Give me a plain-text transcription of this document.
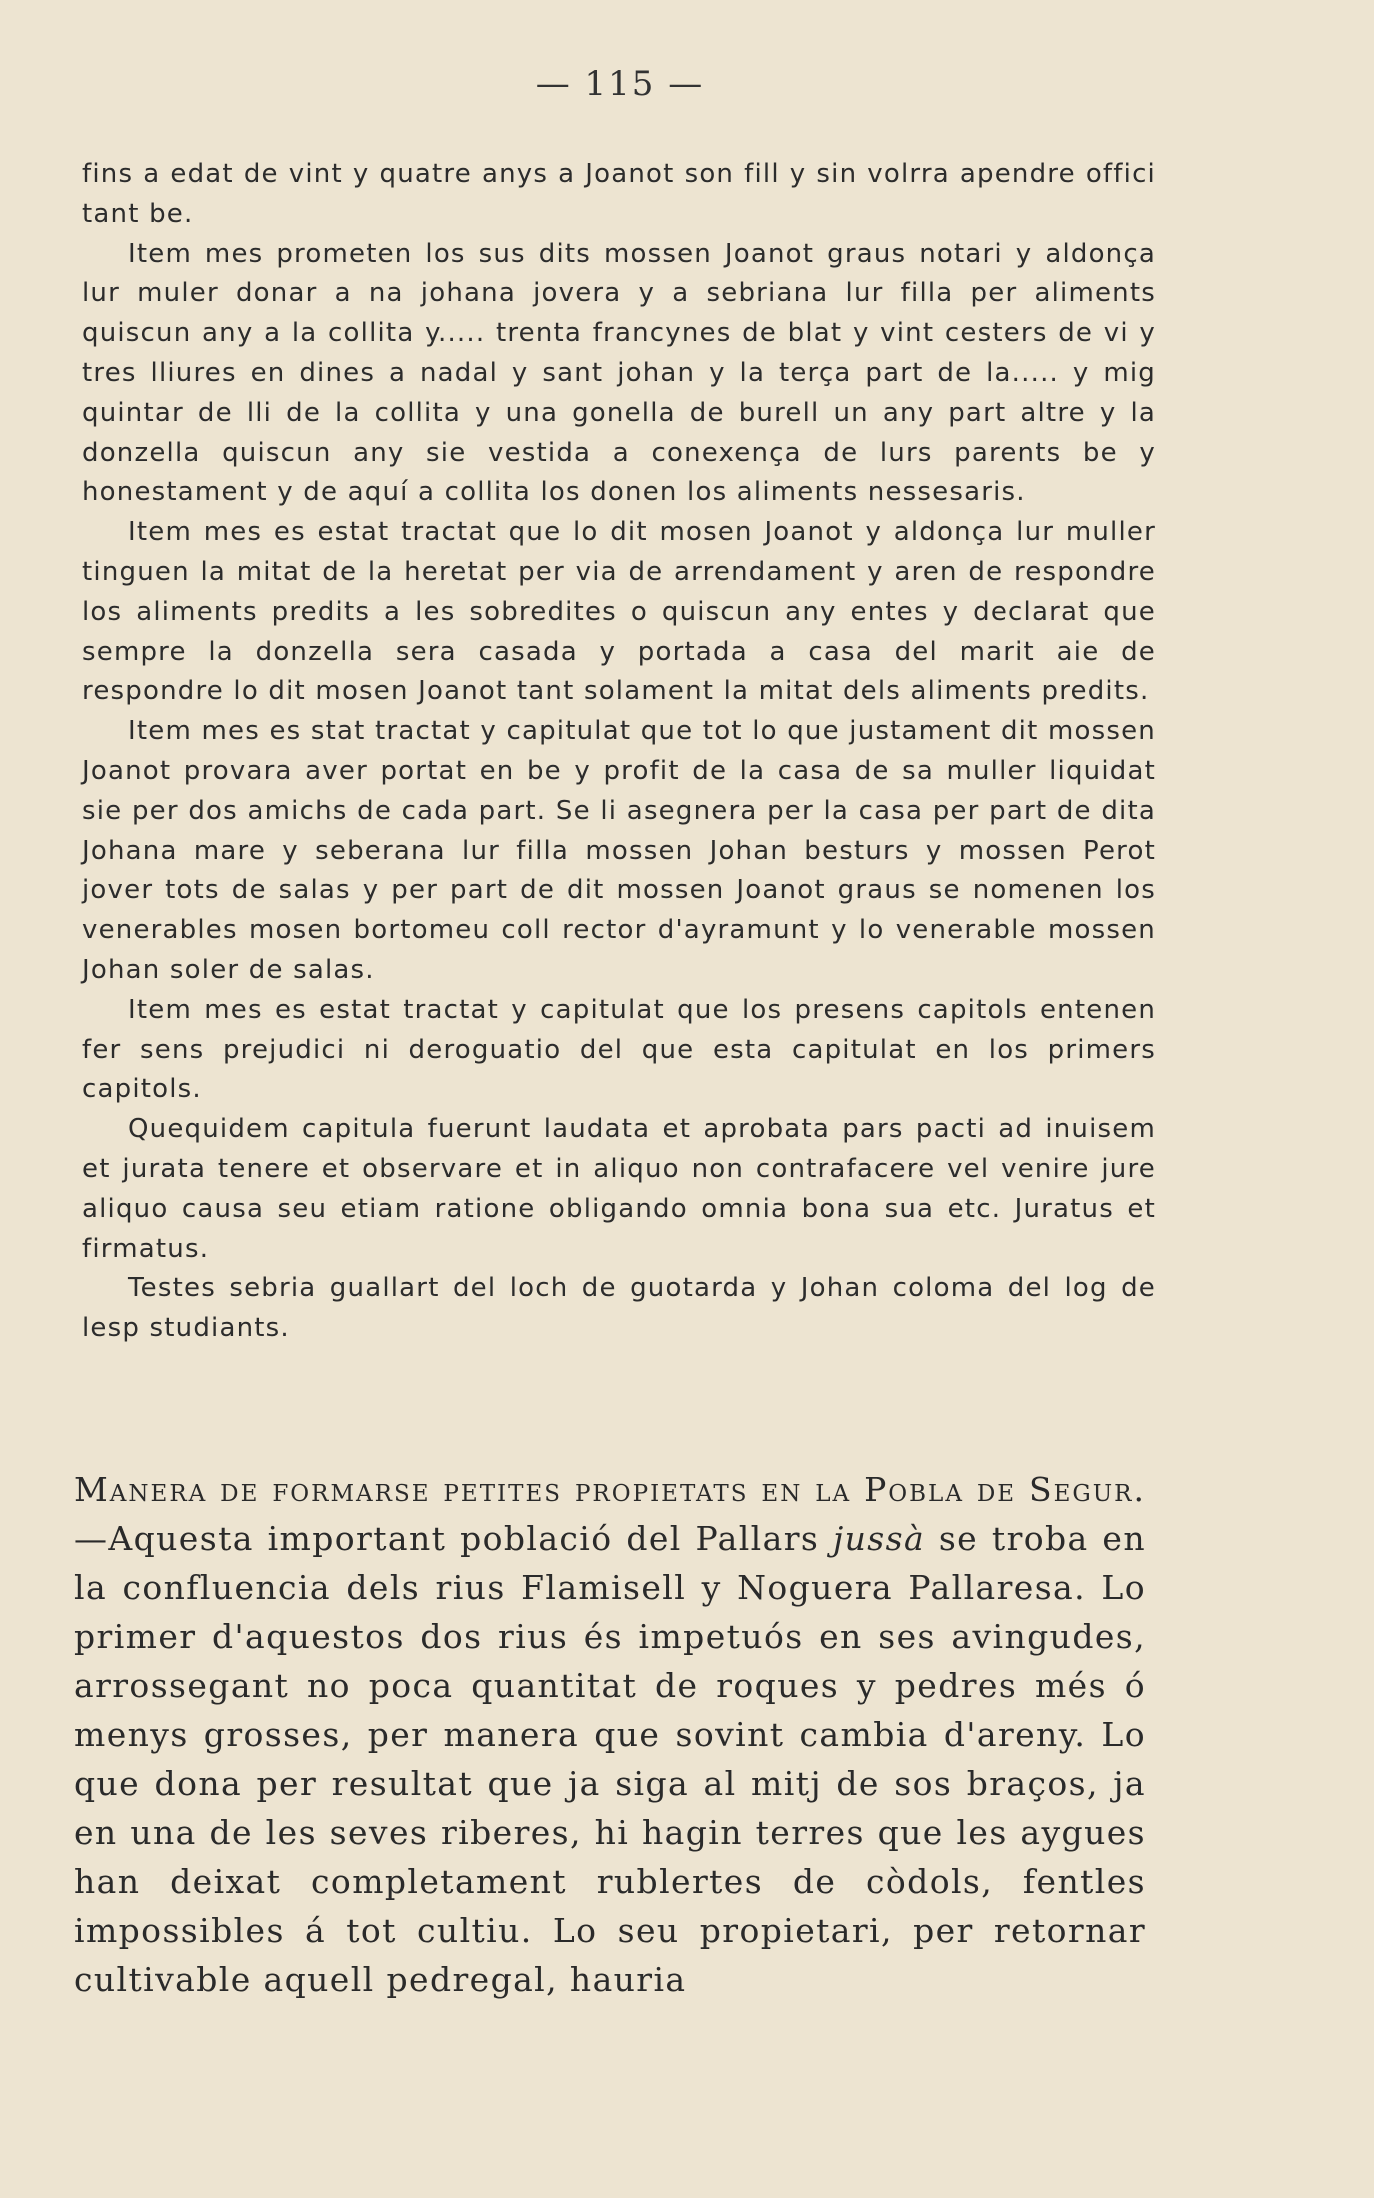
— 115 —

fins a edat de vint y quatre anys a Joanot son fill y sin volrra apendre offici tant be.

Item mes prometen los sus dits mossen Joanot graus notari y aldonça lur muler donar a na johana jovera y a sebriana lur filla per aliments quiscun any a la collita y..... trenta francynes de blat y vint cesters de vi y tres lliures en dines a nadal y sant johan y la terça part de la..... y mig quintar de lli de la collita y una gonella de burell un any part altre y la donzella quiscun any sie vestida a conexença de lurs parents be y honestament y de aquí a collita los donen los aliments nessesaris.

Item mes es estat tractat que lo dit mosen Joanot y aldonça lur muller tinguen la mitat de la heretat per via de arrendament y aren de respondre los aliments predits a les sobredites o quiscun any entes y declarat que sempre la donzella sera casada y portada a casa del marit aie de respondre lo dit mosen Joanot tant solament la mitat dels aliments predits.

Item mes es stat tractat y capitulat que tot lo que justament dit mossen Joanot provara aver portat en be y profit de la casa de sa muller liquidat sie per dos amichs de cada part. Se li asegnera per la casa per part de dita Johana mare y seberana lur filla mossen Johan besturs y mossen Perot jover tots de salas y per part de dit mossen Joanot graus se nomenen los venerables mosen bortomeu coll rector d'ayramunt y lo venerable mossen Johan soler de salas.

Item mes es estat tractat y capitulat que los presens capitols entenen fer sens prejudici ni deroguatio del que esta capitulat en los primers capitols.

Quequidem capitula fuerunt laudata et aprobata pars pacti ad inuisem et jurata tenere et observare et in aliquo non contrafacere vel venire jure aliquo causa seu etiam ratione obligando omnia bona sua etc. Juratus et firmatus.

Testes sebria guallart del loch de guotarda y Johan coloma del log de lesp studiants.

Manera de formarse petites propietats en la Pobla de Segur.—Aquesta important població del Pallars jussà se troba en la confluencia dels rius Flamisell y Noguera Pallaresa. Lo primer d'aquestos dos rius és impetuós en ses avingudes, arrossegant no poca quantitat de roques y pedres més ó menys grosses, per manera que sovint cambia d'areny. Lo que dona per resultat que ja siga al mitj de sos braços, ja en una de les seves riberes, hi hagin terres que les aygues han deixat completament rublertes de còdols, fentles impossibles á tot cultiu. Lo seu propietari, per retornar cultivable aquell pedregal, hauria
